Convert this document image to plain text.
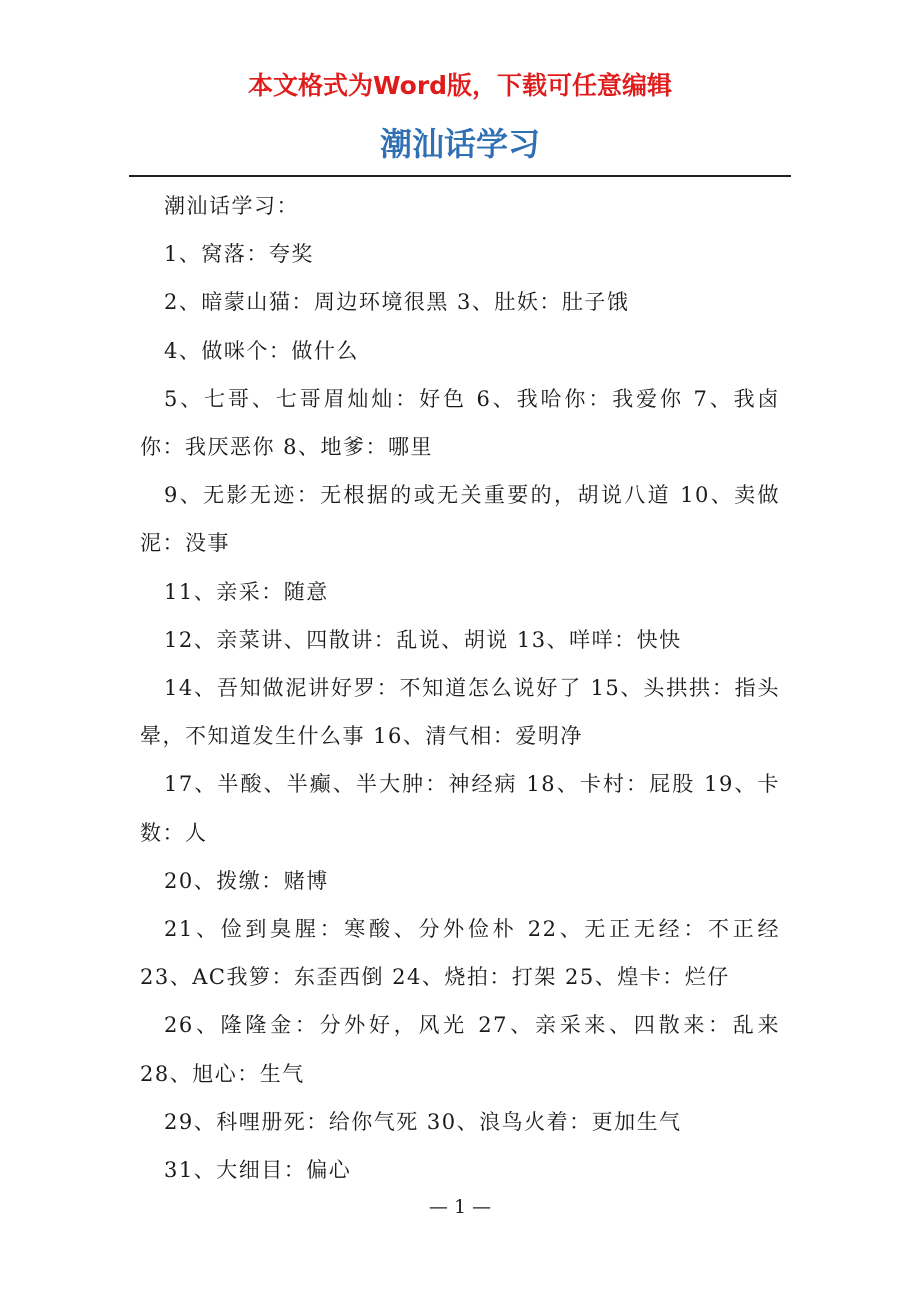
本文格式为Word版，下载可任意编辑
潮汕话学习

潮汕话学习：

1、窝落：夸奖

2、暗蒙山猫：周边环境很黑 3、肚妖：肚子饿

4、做咪个：做什么

5、七哥、七哥眉灿灿：好色 6、我哈你：我爱你 7、我卤你：我厌恶你 8、地爹：哪里

9、无影无迹：无根据的或无关重要的，胡说八道 10、卖做泥：没事

11、亲采：随意

12、亲菜讲、四散讲：乱说、胡说 13、咩咩：快快

14、吾知做泥讲好罗：不知道怎么说好了 15、头拱拱：指头晕，不知道发生什么事 16、清气相：爱明净

17、半酸、半癫、半大肿：神经病 18、卡村：屁股 19、卡数：人

20、拨缴：赌博

21、俭到臭腥：寒酸、分外俭朴 22、无正无经：不正经 23、AC我箩：东歪西倒 24、烧拍：打架 25、煌卡：烂仔

26、隆隆金：分外好，风光 27、亲采来、四散来：乱来 28、旭心：生气

29、科哩册死：给你气死 30、浪鸟火着：更加生气

31、大细目：偏心

— 1 —
